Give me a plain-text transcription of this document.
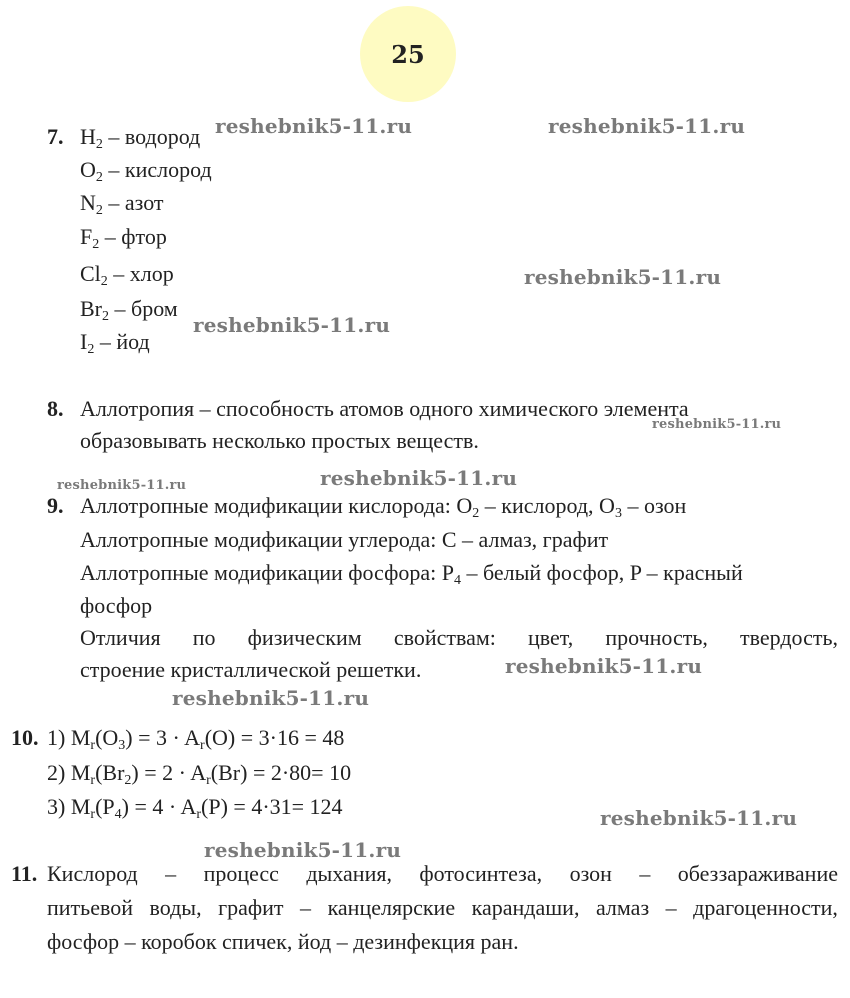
25
7. $H_2$ – водород
$O_2$ – кислород
$N_2$ – азот
$F_2$ – фтор
$Cl_2$ – хлор
$Br_2$ – бром
$I_2$ – йод
8. Аллотропия – способность атомов одного химического элемента
образовывать несколько простых веществ.
9. Аллотропные модификации кислорода: $O_2$ – кислород, $O_3$ – озон
Аллотропные модификации углерода: C – алмаз, графит
Аллотропные модификации фосфора: $P_4$ – белый фосфор, P – красный
фосфор
Отличия по физическим свойствам: цвет, прочность, твердость,
строение кристаллической решетки.
10. 1) $M_r(O_3) = 3 \cdot A_r(O) = 3\cdot 16 = 48$
2) $M_r(Br_2) = 2 \cdot A_r(Br) = 2\cdot 80= 10$
3) $M_r(P_4) = 4 \cdot A_r(P) = 4\cdot 31= 124$
11. Кислород – процесс дыхания, фотосинтеза, озон – обеззараживание
питьевой воды, графит – канцелярские карандаши, алмаз – драгоценности,
фосфор – коробок спичек, йод – дезинфекция ран.
reshebnik5-11.ru	reshebnik5-11.ru
reshebnik5-11.ru
reshebnik5-11.ru
reshebnik5-11.ru
reshebnik5-11.ru	reshebnik5-11.ru
reshebnik5-11.ru
reshebnik5-11.ru
reshebnik5-11.ru
reshebnik5-11.ru
